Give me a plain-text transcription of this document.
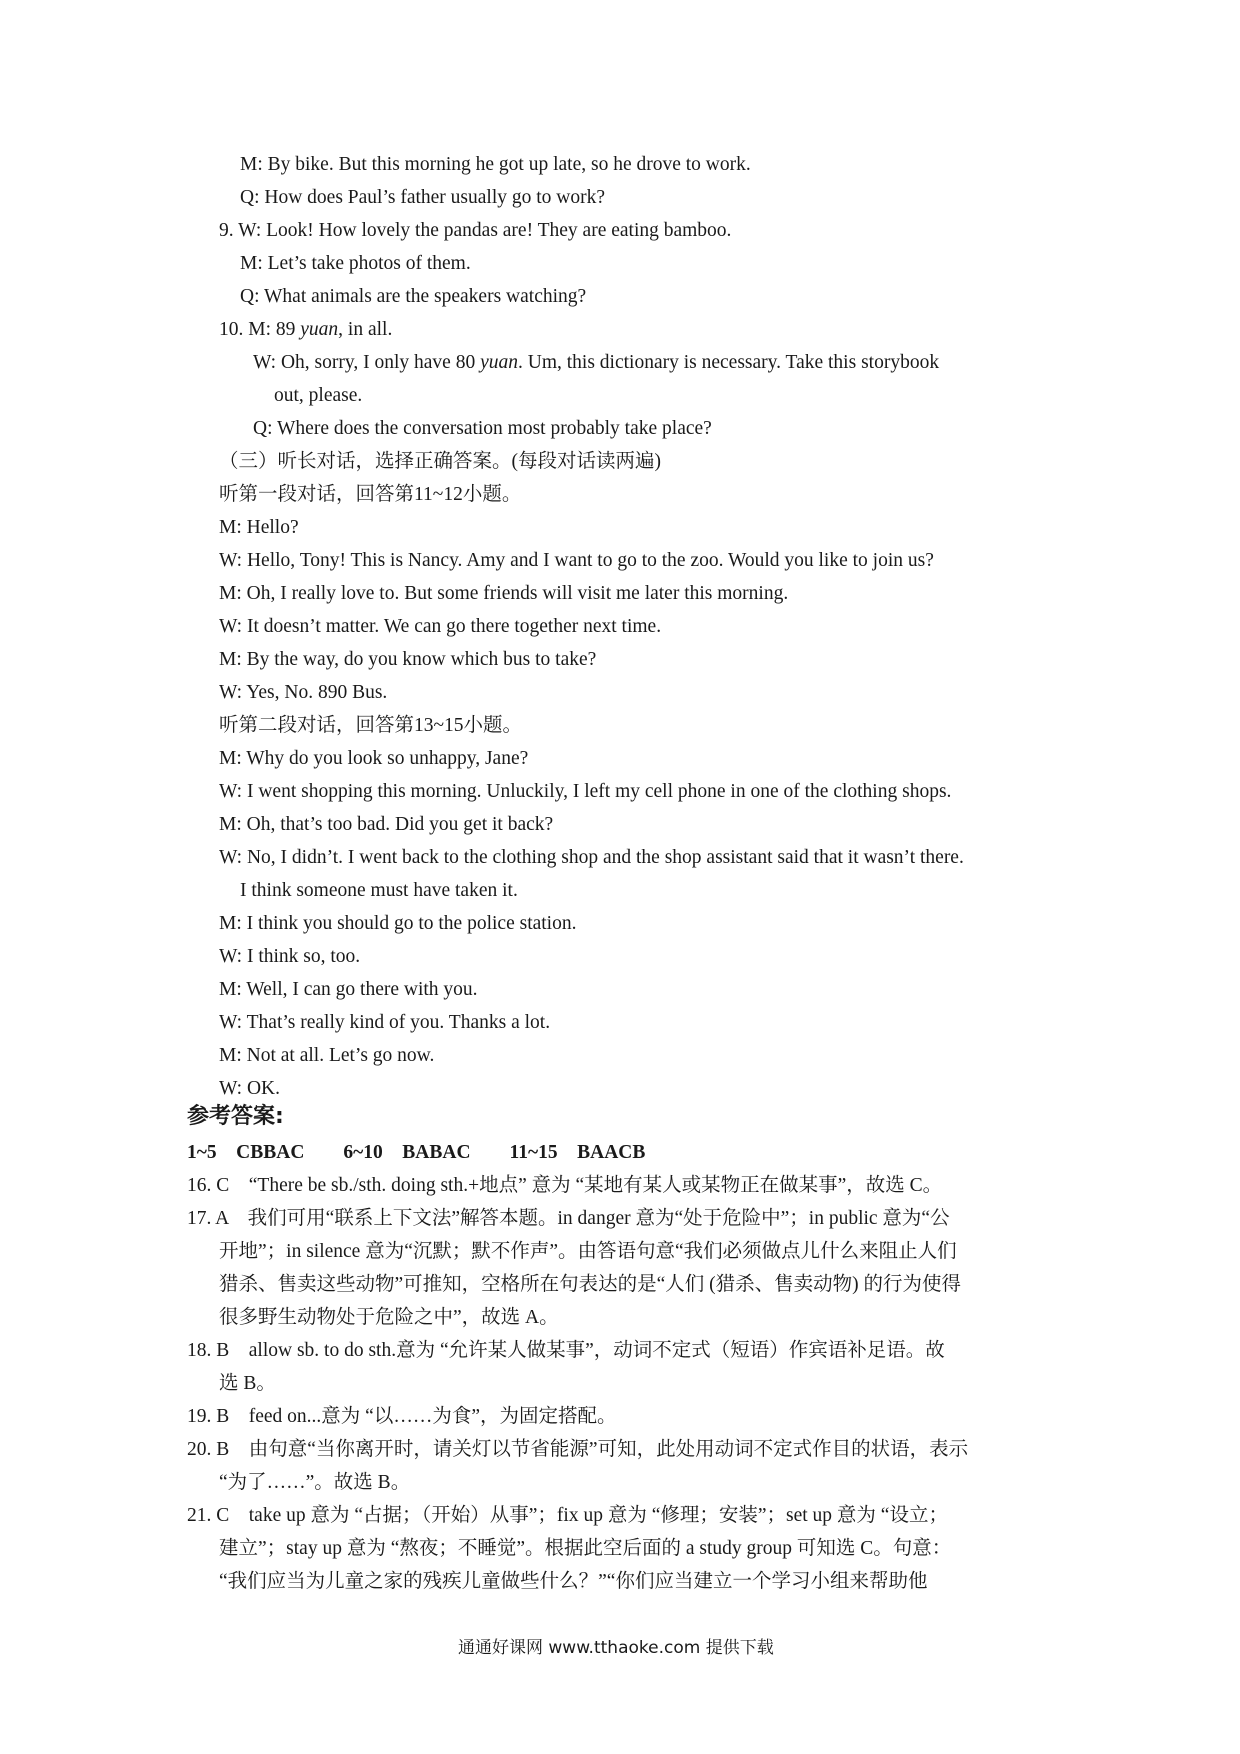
M: By bike. But this morning he got up late, so he drove to work.
Q: How does Paul’s father usually go to work?
9. W: Look! How lovely the pandas are! They are eating bamboo.
M: Let’s take photos of them.
Q: What animals are the speakers watching?
10. M: 89 yuan, in all.
W: Oh, sorry, I only have 80 yuan. Um, this dictionary is necessary. Take this storybook
out, please.
Q: Where does the conversation most probably take place?
（三）听长对话，选择正确答案。(每段对话读两遍)
听第一段对话，回答第11~12小题。
M: Hello?
W: Hello, Tony! This is Nancy. Amy and I want to go to the zoo. Would you like to join us?
M: Oh, I really love to. But some friends will visit me later this morning.
W: It doesn’t matter. We can go there together next time.
M: By the way, do you know which bus to take?
W: Yes, No. 890 Bus.
听第二段对话，回答第13~15小题。
M: Why do you look so unhappy, Jane?
W: I went shopping this morning. Unluckily, I left my cell phone in one of the clothing shops.
M: Oh, that’s too bad. Did you get it back?
W: No, I didn’t. I went back to the clothing shop and the shop assistant said that it wasn’t there.
I think someone must have taken it.
M: I think you should go to the police station.
W: I think so, too.
M: Well, I can go there with you.
W: That’s really kind of you. Thanks a lot.
M: Not at all. Let’s go now.
W: OK.
参考答案:
1~5　CBBAC　　6~10　BABAC　　11~15　BAACB
16. C　“There be sb./sth. doing sth.+地点” 意为 “某地有某人或某物正在做某事”，故选 C。
17. A　我们可用“联系上下文法”解答本题。in danger 意为“处于危险中”；in public 意为“公
开地”；in silence 意为“沉默；默不作声”。由答语句意“我们必须做点儿什么来阻止人们
猎杀、售卖这些动物”可推知，空格所在句表达的是“人们 (猎杀、售卖动物) 的行为使得
很多野生动物处于危险之中”，故选 A。
18. B　allow sb. to do sth.意为 “允许某人做某事”，动词不定式（短语）作宾语补足语。故
选 B。
19. B　feed on...意为 “以……为食”，为固定搭配。
20. B　由句意“当你离开时，请关灯以节省能源”可知，此处用动词不定式作目的状语，表示
“为了……”。故选 B。
21. C　take up 意为 “占据；（开始）从事”；fix up 意为 “修理；安装”；set up 意为 “设立；
建立”；stay up 意为 “熬夜；不睡觉”。根据此空后面的 a study group 可知选 C。句意：
“我们应当为儿童之家的残疾儿童做些什么？”“你们应当建立一个学习小组来帮助他
通通好课网 www.tthaoke.com 提供下载
